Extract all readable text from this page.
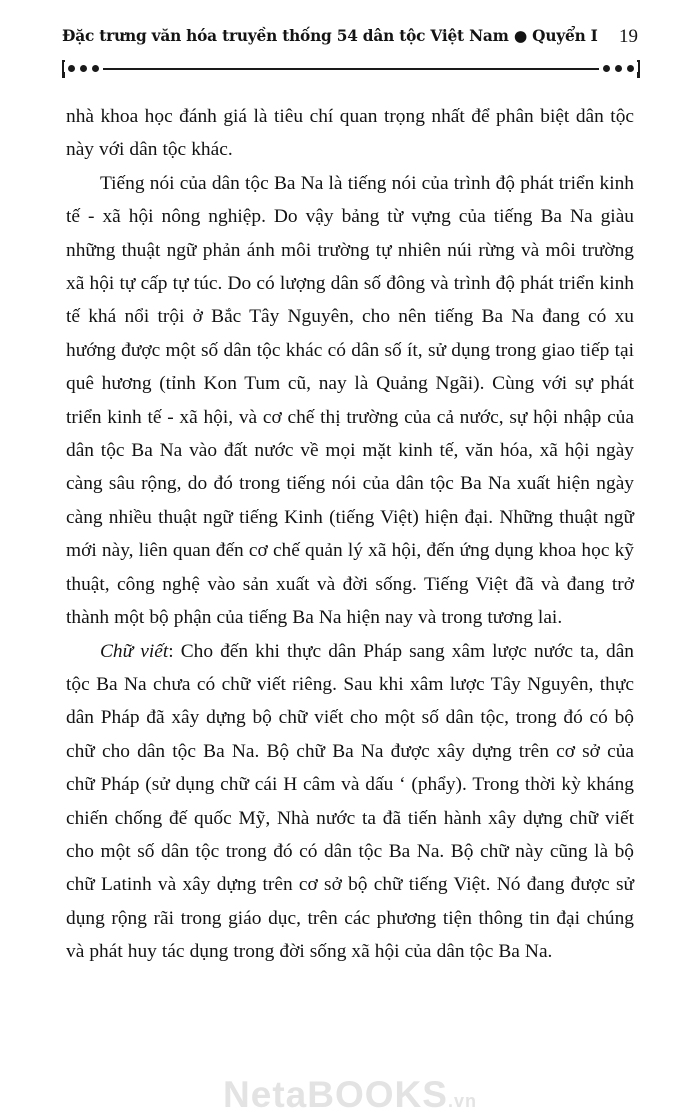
Đặc trưng văn hóa truyền thống 54 dân tộc Việt Nam ● Quyển I 19

nhà khoa học đánh giá là tiêu chí quan trọng nhất để phân biệt dân tộc này với dân tộc khác.

Tiếng nói của dân tộc Ba Na là tiếng nói của trình độ phát triển kinh tế - xã hội nông nghiệp. Do vậy bảng từ vựng của tiếng Ba Na giàu những thuật ngữ phản ánh môi trường tự nhiên núi rừng và môi trường xã hội tự cấp tự túc. Do có lượng dân số đông và trình độ phát triển kinh tế khá nổi trội ở Bắc Tây Nguyên, cho nên tiếng Ba Na đang có xu hướng được một số dân tộc khác có dân số ít, sử dụng trong giao tiếp tại quê hương (tỉnh Kon Tum cũ, nay là Quảng Ngãi). Cùng với sự phát triển kinh tế - xã hội, và cơ chế thị trường của cả nước, sự hội nhập của dân tộc Ba Na vào đất nước về mọi mặt kinh tế, văn hóa, xã hội ngày càng sâu rộng, do đó trong tiếng nói của dân tộc Ba Na xuất hiện ngày càng nhiều thuật ngữ tiếng Kinh (tiếng Việt) hiện đại. Những thuật ngữ mới này, liên quan đến cơ chế quản lý xã hội, đến ứng dụng khoa học kỹ thuật, công nghệ vào sản xuất và đời sống. Tiếng Việt đã và đang trở thành một bộ phận của tiếng Ba Na hiện nay và trong tương lai.

Chữ viết: Cho đến khi thực dân Pháp sang xâm lược nước ta, dân tộc Ba Na chưa có chữ viết riêng. Sau khi xâm lược Tây Nguyên, thực dân Pháp đã xây dựng bộ chữ viết cho một số dân tộc, trong đó có bộ chữ cho dân tộc Ba Na. Bộ chữ Ba Na được xây dựng trên cơ sở của chữ Pháp (sử dụng chữ cái H câm và dấu ‘ (phẩy). Trong thời kỳ kháng chiến chống đế quốc Mỹ, Nhà nước ta đã tiến hành xây dựng chữ viết cho một số dân tộc trong đó có dân tộc Ba Na. Bộ chữ này cũng là bộ chữ Latinh và xây dựng trên cơ sở bộ chữ tiếng Việt. Nó đang được sử dụng rộng rãi trong giáo dục, trên các phương tiện thông tin đại chúng và phát huy tác dụng trong đời sống xã hội của dân tộc Ba Na.

NetaBOOKS.vn
